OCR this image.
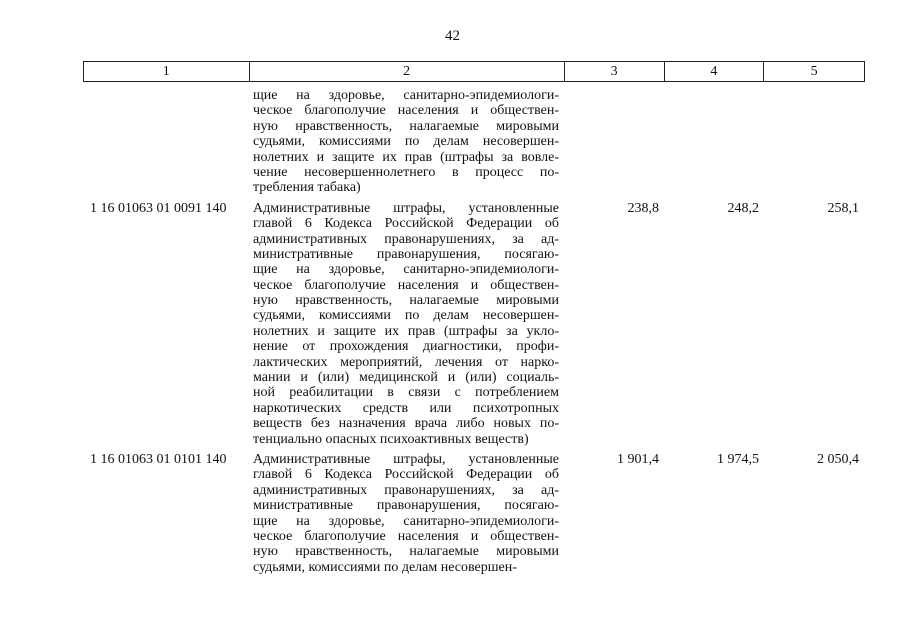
42
1	2	3	4	5
щие на здоровье, санитарно-эпидемиологи-
ческое благополучие населения и обществен-
ную нравственность, налагаемые мировыми
судьями, комиссиями по делам несовершен-
нолетних и защите их прав (штрафы за вовле-
чение несовершеннолетнего в процесс по-
требления табака)
1 16 01063 01 0091 140	Административные штрафы, установленные
главой 6 Кодекса Российской Федерации об
административных правонарушениях, за ад-
министративные правонарушения, посягаю-
щие на здоровье, санитарно-эпидемиологи-
ческое благополучие населения и обществен-
ную нравственность, налагаемые мировыми
судьями, комиссиями по делам несовершен-
нолетних и защите их прав (штрафы за укло-
нение от прохождения диагностики, профи-
лактических мероприятий, лечения от нарко-
мании и (или) медицинской и (или) социаль-
ной реабилитации в связи с потреблением
наркотических средств или психотропных
веществ без назначения врача либо новых по-
тенциально опасных психоактивных веществ)
238,8	248,2	258,1
1 16 01063 01 0101 140	Административные штрафы, установленные
главой 6 Кодекса Российской Федерации об
административных правонарушениях, за ад-
министративные правонарушения, посягаю-
щие на здоровье, санитарно-эпидемиологи-
ческое благополучие населения и обществен-
ную нравственность, налагаемые мировыми
судьями, комиссиями по делам несовершен-
1 901,4	1 974,5	2 050,4
